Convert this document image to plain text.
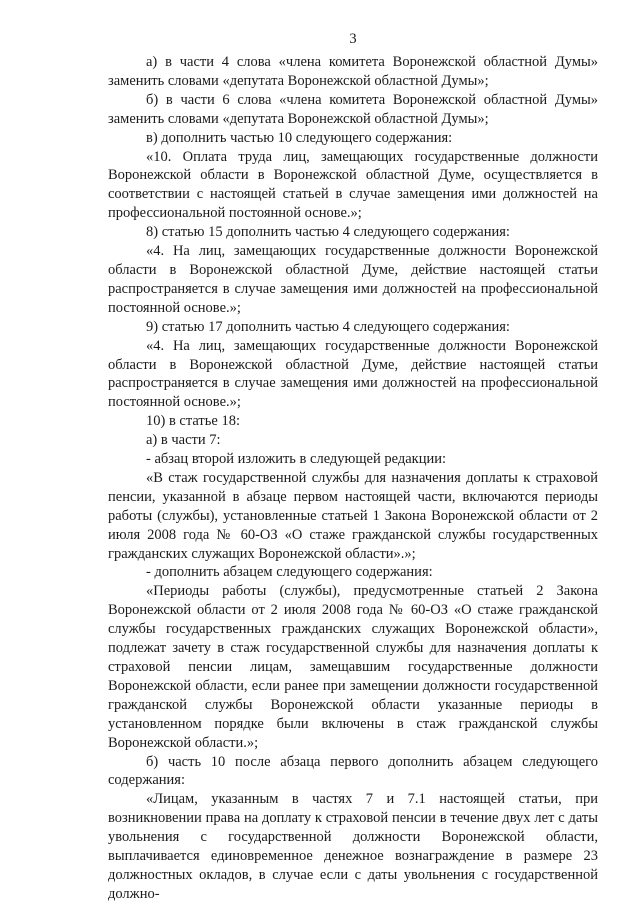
3

а) в части 4 слова «члена комитета Воронежской областной Думы» заменить словами «депутата Воронежской областной Думы»;

б) в части 6 слова «члена комитета Воронежской областной Думы» заменить словами «депутата Воронежской областной Думы»;

в) дополнить частью 10 следующего содержания:

«10. Оплата труда лиц, замещающих государственные должности Воронежской области в Воронежской областной Думе, осуществляется в соответствии с настоящей статьей в случае замещения ими должностей на профессиональной постоянной основе.»;

8) статью 15 дополнить частью 4 следующего содержания:

«4. На лиц, замещающих государственные должности Воронежской области в Воронежской областной Думе, действие настоящей статьи распространяется в случае замещения ими должностей на профессиональной постоянной основе.»;

9) статью 17 дополнить частью 4 следующего содержания:

«4. На лиц, замещающих государственные должности Воронежской области в Воронежской областной Думе, действие настоящей статьи распространяется в случае замещения ими должностей на профессиональной постоянной основе.»;

10) в статье 18:

а) в части 7:

- абзац второй изложить в следующей редакции:

«В стаж государственной службы для назначения доплаты к страховой пенсии, указанной в абзаце первом настоящей части, включаются периоды работы (службы), установленные статьей 1 Закона Воронежской области от 2 июля 2008 года № 60-ОЗ «О стаже гражданской службы государственных гражданских служащих Воронежской области».»;

- дополнить абзацем следующего содержания:

«Периоды работы (службы), предусмотренные статьей 2 Закона Воронежской области от 2 июля 2008 года № 60-ОЗ «О стаже гражданской службы государственных гражданских служащих Воронежской области», подлежат зачету в стаж государственной службы для назначения доплаты к страховой пенсии лицам, замещавшим государственные должности Воронежской области, если ранее при замещении должности государственной гражданской службы Воронежской области указанные периоды в установленном порядке были включены в стаж гражданской службы Воронежской области.»;

б) часть 10 после абзаца первого дополнить абзацем следующего содержания:

«Лицам, указанным в частях 7 и 7.1 настоящей статьи, при возникновении права на доплату к страховой пенсии в течение двух лет с даты увольнения с государственной должности Воронежской области, выплачивается единовременное денежное вознаграждение в размере 23 должностных окладов, в случае если с даты увольнения с государственной должно-
